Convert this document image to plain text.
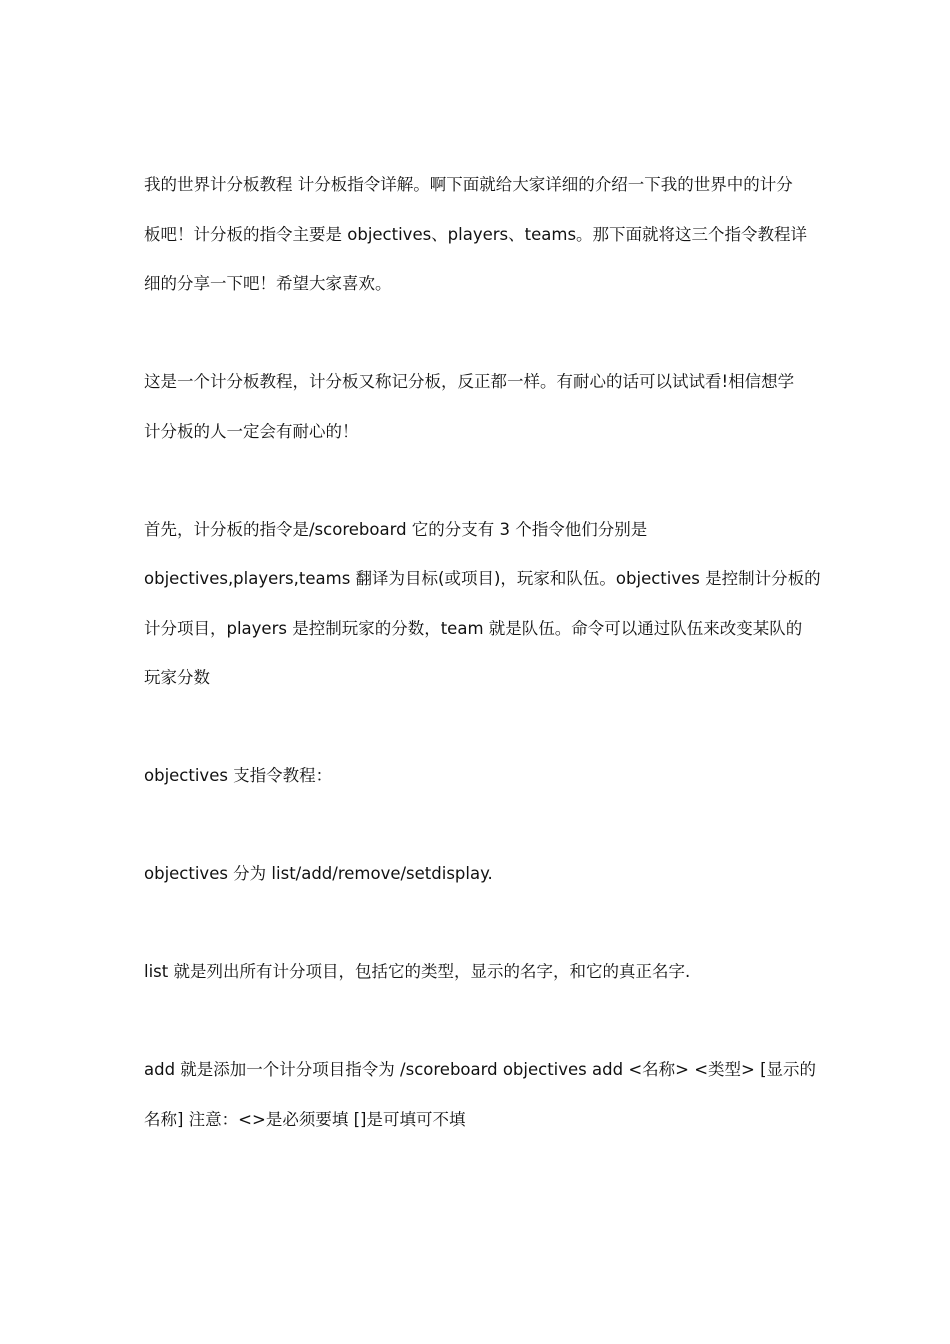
我的世界计分板教程 计分板指令详解。啊下面就给大家详细的介绍一下我的世界中的计分
板吧！计分板的指令主要是 objectives、players、teams。那下面就将这三个指令教程详
细的分享一下吧！希望大家喜欢。
这是一个计分板教程，计分板又称记分板，反正都一样。有耐心的话可以试试看!相信想学
计分板的人一定会有耐心的！
首先，计分板的指令是/scoreboard 它的分支有 3 个指令他们分别是
objectives,players,teams 翻译为目标(或项目)，玩家和队伍。objectives 是控制计分板的
计分项目，players 是控制玩家的分数，team 就是队伍。命令可以通过队伍来改变某队的
玩家分数
objectives 支指令教程：
objectives 分为 list/add/remove/setdisplay.
list 就是列出所有计分项目，包括它的类型，显示的名字，和它的真正名字.
add 就是添加一个计分项目指令为 /scoreboard objectives add <名称> <类型> [显示的
名称] 注意：<>是必须要填 []是可填可不填
